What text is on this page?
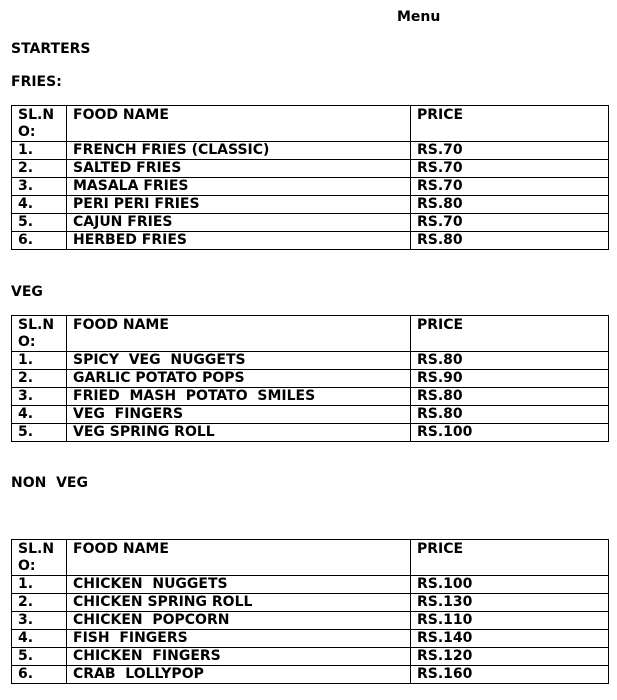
Menu
STARTERS
FRIES:
SL.NO:	FOOD NAME	PRICE
1.	FRENCH FRIES (CLASSIC)	RS.70
2.	SALTED FRIES	RS.70
3.	MASALA FRIES	RS.70
4.	PERI PERI FRIES	RS.80
5.	CAJUN FRIES	RS.70
6.	HERBED FRIES	RS.80
VEG
SL.NO:	FOOD NAME	PRICE
1.	SPICY  VEG  NUGGETS	RS.80
2.	GARLIC POTATO POPS	RS.90
3.	FRIED  MASH  POTATO  SMILES	RS.80
4.	VEG  FINGERS	RS.80
5.	VEG SPRING ROLL	RS.100
NON  VEG
SL.NO:	FOOD NAME	PRICE
1.	CHICKEN  NUGGETS	RS.100
2.	CHICKEN SPRING ROLL	RS.130
3.	CHICKEN  POPCORN	RS.110
4.	FISH  FINGERS	RS.140
5.	CHICKEN  FINGERS	RS.120
6.	CRAB  LOLLYPOP	RS.160
